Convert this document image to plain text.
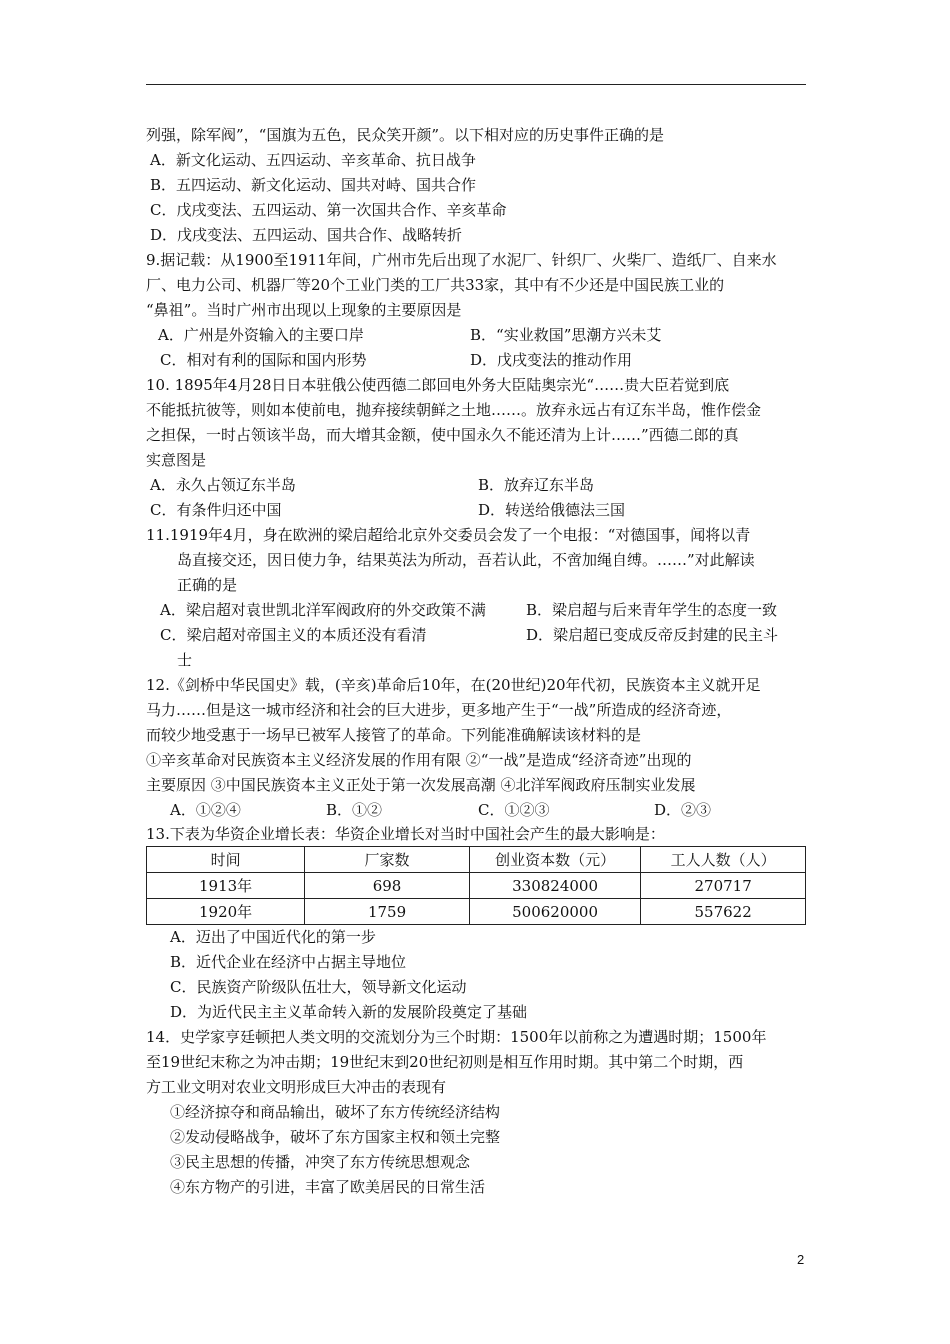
列强，除军阀”，“国旗为五色，民众笑开颜”。以下相对应的历史事件正确的是
A．新文化运动、五四运动、辛亥革命、抗日战争
B．五四运动、新文化运动、国共对峙、国共合作
C．戊戌变法、五四运动、第一次国共合作、辛亥革命
D．戊戌变法、五四运动、国共合作、战略转折
9.据记载：从1900至1911年间，广州市先后出现了水泥厂、针织厂、火柴厂、造纸厂、自来水
厂、电力公司、机器厂等20个工业门类的工厂共33家，其中有不少还是中国民族工业的
“鼻祖”。当时广州市出现以上现象的主要原因是
A．广州是外资输入的主要口岸	B．“实业救国”思潮方兴未艾
C．相对有利的国际和国内形势	D．戊戌变法的推动作用
10. 1895年4月28日日本驻俄公使西德二郎回电外务大臣陆奥宗光“……贵大臣若觉到底
不能抵抗彼等，则如本使前电，抛弃接续朝鲜之土地……。放弃永远占有辽东半岛，惟作偿金
之担保，一时占领该半岛，而大增其金额，使中国永久不能还清为上计……”西德二郎的真
实意图是
A．永久占领辽东半岛	B．放弃辽东半岛
C．有条件归还中国	D．转送给俄德法三国
11.1919年4月，身在欧洲的梁启超给北京外交委员会发了一个电报：“对德国事，闻将以青
岛直接交还，因日使力争，结果英法为所动，吾若认此，不啻加绳自缚。……”对此解读
正确的是
A．梁启超对袁世凯北洋军阀政府的外交政策不满	B．梁启超与后来青年学生的态度一致
C．梁启超对帝国主义的本质还没有看清	D．梁启超已变成反帝反封建的民主斗
士
12.《剑桥中华民国史》载，(辛亥)革命后10年，在(20世纪)20年代初，民族资本主义就开足
马力……但是这一城市经济和社会的巨大进步，更多地产生于“一战”所造成的经济奇迹，
而较少地受惠于一场早已被军人接管了的革命。下列能准确解读该材料的是
①辛亥革命对民族资本主义经济发展的作用有限 ②“一战”是造成“经济奇迹”出现的
主要原因 ③中国民族资本主义正处于第一次发展高潮 ④北洋军阀政府压制实业发展
A．①②④	B．①②	C．①②③	D．②③
13.下表为华资企业增长表：华资企业增长对当时中国社会产生的最大影响是：
时间	厂家数	创业资本数（元）	工人人数（人）
1913年	698	330824000	270717
1920年	1759	500620000	557622
A．迈出了中国近代化的第一步
B．近代企业在经济中占据主导地位
C．民族资产阶级队伍壮大，领导新文化运动
D．为近代民主主义革命转入新的发展阶段奠定了基础
14．史学家亨廷顿把人类文明的交流划分为三个时期：1500年以前称之为遭遇时期；1500年
至19世纪末称之为冲击期；19世纪末到20世纪初则是相互作用时期。其中第二个时期，西
方工业文明对农业文明形成巨大冲击的表现有
①经济掠夺和商品输出，破坏了东方传统经济结构
②发动侵略战争，破坏了东方国家主权和领土完整
③民主思想的传播，冲突了东方传统思想观念
④东方物产的引进，丰富了欧美居民的日常生活
2
